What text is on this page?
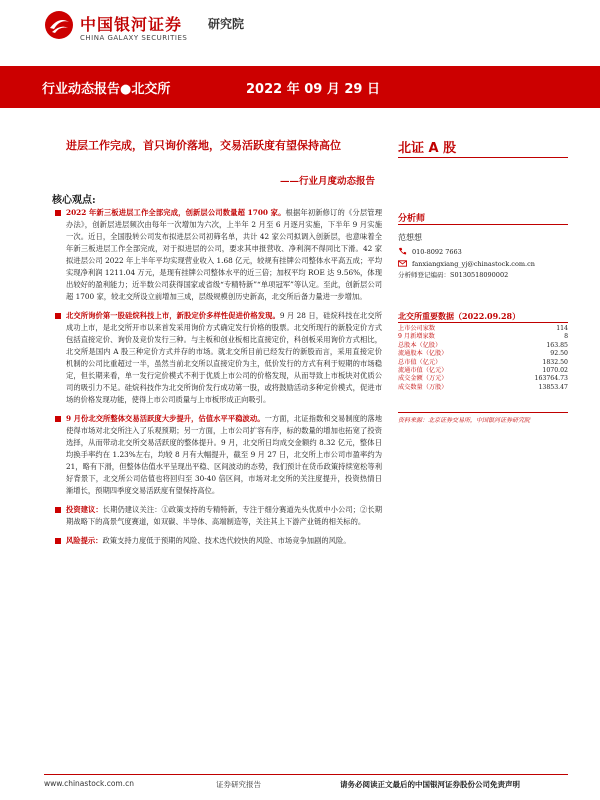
中国银河证券 研究院
CHINA GALAXY SECURITIES
行业动态报告●北交所	2022 年 09 月 29 日
进层工作完成，首只询价落地，交易活跃度有望保持高位
——行业月度动态报告
北证 A 股
核心观点:
2022 年新三板进层工作全部完成，创新层公司数量超 1700 家。根据年初新修订的《分层管理办法》，创新层进层频次由每年一次增加为六次，上半年 2 月至 6 月逐月实施，下半年 9 月实施一次。近日，全国股转公司发布拟进层公司初筛名单，共计 42 家公司拟调入创新层，也意味着全年新三板进层工作全部完成，对于拟进层的公司，要求其申报营收、净利润不得同比下滑。42 家拟进层公司 2022 年上半年平均实现营业收入 1.68 亿元，较规有挂牌公司整体水平高五成；平均实现净利润 1211.04 万元，是现有挂牌公司整体水平的近三倍；加权平均 ROE 达 9.56%，体现出较好的盈利能力；近半数公司获得国家或省级“专精特新”“单项冠军”等认定。至此，创新层公司超 1700 家，较北交所设立前增加三成，层级规模创历史新高，北交所后备力量进一步增加。
北交所询价第一股硅烷科技上市，新股定价多样性促进价格发现。9 月 28 日，硅烷科技在北交所成功上市，是北交所开市以来首发采用询价方式确定发行价格的股票。北交所现行的新股定价方式包括直接定价、询价及竞价发行三种。与主板和创业板相比直接定价，科创板采用询价方式相比，北交所是国内 A 股三种定价方式并存的市场。就北交所目前已经发行的新股而言，采用直接定价机制的公司比重超过一半，虽然当前北交所以直接定价为主，低价发行的方式有利于短期的市场稳定，但长期来看，单一发行定价模式不利于优质上市公司的价格发现，从而导致上市板块对优质公司的吸引力不足。硅烷科技作为北交所询价发行成功第一股，或将鼓励活动多种定价模式，促进市场的价格发现功能，使得上市公司质量与上市板形成正向吸引。
9 月份北交所整体交易活跃度大步提升，估值水平平稳波动。一方面，北证指数和交易制度的落地使得市场对北交所注入了乐观预期；另一方面，上市公司扩容有序，标的数量的增加也拓宽了投资选择，从而带动北交所交易活跃度的整体提升。9 月，北交所日均成交金额约 8.32 亿元，整体日均换手率约在 1.23%左右，均较 8 月有大幅提升，截至 9 月 27 日，北交所上市公司市盈率约为 21，略有下滑，但整体估值水平呈现出平稳、区间波动的态势，我们预计在货币政策持续宽松等利好背景下，北交所公司估值也将回归至 30-40 倍区间，市场对北交所的关注度提升，投资热情日渐增长，预期四季度交易活跃度有望保持高位。
投资建议：长期仍建议关注：①政策支持的专精特新，专注于细分赛道先头优质中小公司；②长期期战略下的高景气度赛道，如双碳、半导体、高端制造等，关注其上下游产业链的相关标的。
风险提示：政策支持力度低于预期的风险、技术迭代较快的风险、市场竞争加剧的风险。
分析师
范想想
010-8092 7663
fanxiangxiang_yj@chinastock.com.cn
分析师登记编码：S0130518090002
北交所重要数据（2022.09.28）
上市公司家数	114
9 月新增家数	8
总股本（亿股）	163.85
流通股本（亿股）	92.50
总市值（亿元）	1832.50
流通市值（亿元）	1070.02
成交金额（万元）	163764.73
成交数量（万股）	13853.47
资料来源：北京证券交易所，中国银河证券研究院
www.chinastock.com.cn	证券研究报告	请务必阅读正文最后的中国银河证券股份公司免责声明
